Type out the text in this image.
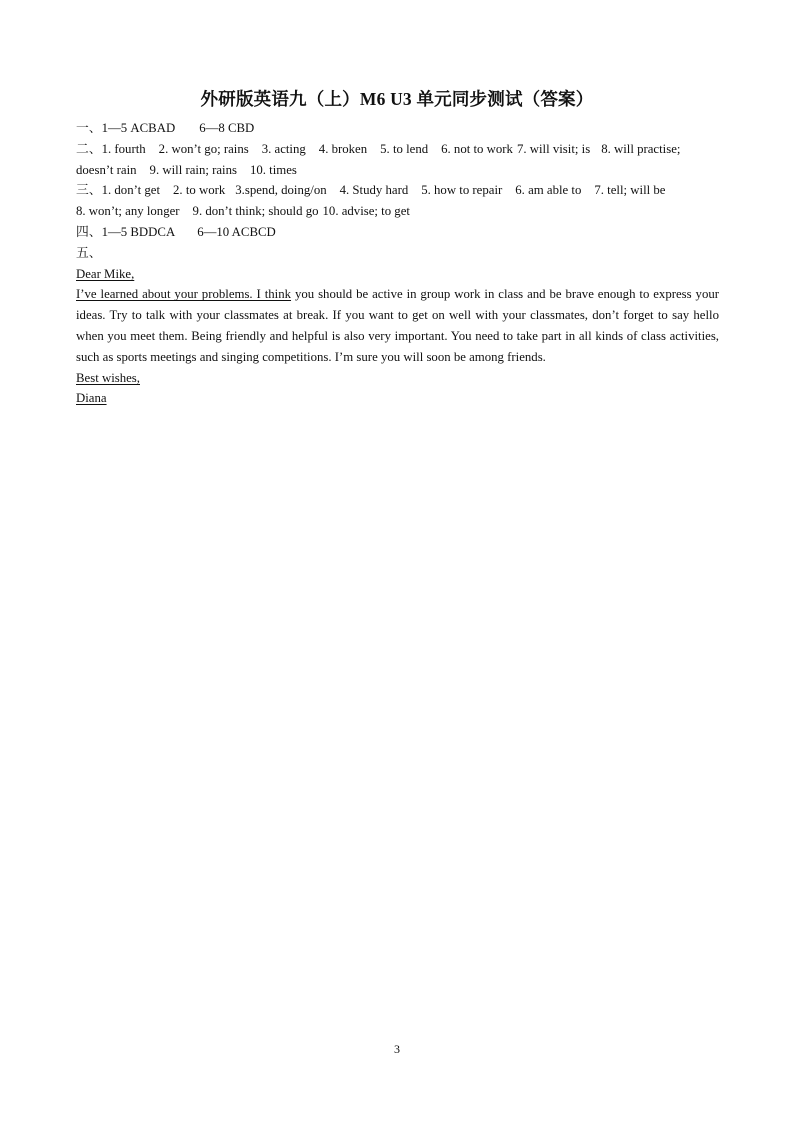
外研版英语九（上）M6 U3 单元同步测试（答案）
一、1—5 ACBAD 6—8 CBD
二、1. fourth 2. won’t go; rains 3. acting 4. broken 5. to lend 6. not to work 7. will visit; is 8. will practise;
doesn’t rain 9. will rain; rains 10. times
三、1. don’t get 2. to work 3.spend, doing/on 4. Study hard 5. how to repair 6. am able to 7. tell; will be
8. won’t; any longer 9. don’t think; should go 10. advise; to get
四、1—5 BDDCA 6—10 ACBCD
五、
Dear Mike,
I’ve learned about your problems. I think you should be active in group work in class and be brave enough to express your ideas. Try to talk with your classmates at break. If you want to get on well with your classmates, don’t forget to say hello when you meet them. Being friendly and helpful is also very important. You need to take part in all kinds of class activities, such as sports meetings and singing competitions. I’m sure you will soon be among friends.
Best wishes,
Diana
3
